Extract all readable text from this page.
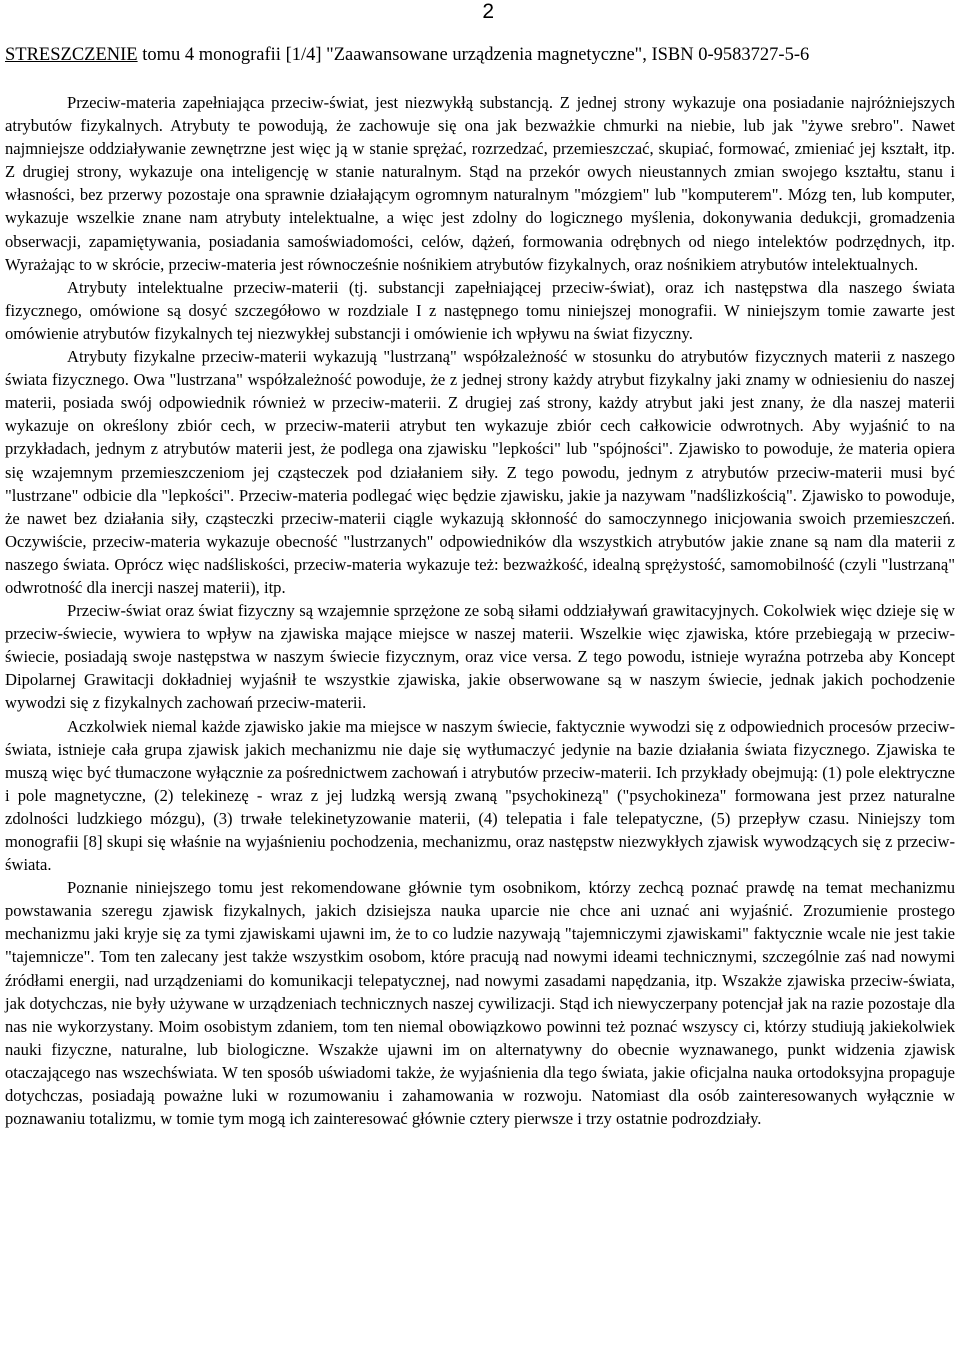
2
STRESZCZENIE tomu 4 monografii [1/4] "Zaawansowane urządzenia magnetyczne", ISBN 0-9583727-5-6

Przeciw-materia zapełniająca przeciw-świat, jest niezwykłą substancją. Z jednej strony wykazuje ona posiadanie najróżniejszych atrybutów fizykalnych. Atrybuty te powodują, że zachowuje się ona jak bezważkie chmurki na niebie, lub jak "żywe srebro". Nawet najmniejsze oddziaływanie zewnętrzne jest więc ją w stanie sprężać, rozrzedzać, przemieszczać, skupiać, formować, zmieniać jej kształt, itp. Z drugiej strony, wykazuje ona inteligencję w stanie naturalnym. Stąd na przekór owych nieustannych zmian swojego kształtu, stanu i własności, bez przerwy pozostaje ona sprawnie działającym ogromnym naturalnym "mózgiem" lub "komputerem". Mózg ten, lub komputer, wykazuje wszelkie znane nam atrybuty intelektualne, a więc jest zdolny do logicznego myślenia, dokonywania dedukcji, gromadzenia obserwacji, zapamiętywania, posiadania samoświadomości, celów, dążeń, formowania odrębnych od niego intelektów podrzędnych, itp. Wyrażając to w skrócie, przeciw-materia jest równocześnie nośnikiem atrybutów fizykalnych, oraz nośnikiem atrybutów intelektualnych.

Atrybuty intelektualne przeciw-materii (tj. substancji zapełniającej przeciw-świat), oraz ich następstwa dla naszego świata fizycznego, omówione są dosyć szczegółowo w rozdziale I z następnego tomu niniejszej monografii. W niniejszym tomie zawarte jest omówienie atrybutów fizykalnych tej niezwykłej substancji i omówienie ich wpływu na świat fizyczny.

Atrybuty fizykalne przeciw-materii wykazują "lustrzaną" współzależność w stosunku do atrybutów fizycznych materii z naszego świata fizycznego. Owa "lustrzana" współzależność powoduje, że z jednej strony każdy atrybut fizykalny jaki znamy w odniesieniu do naszej materii, posiada swój odpowiednik również w przeciw-materii. Z drugiej zaś strony, każdy atrybut jaki jest znany, że dla naszej materii wykazuje on określony zbiór cech, w przeciw-materii atrybut ten wykazuje zbiór cech całkowicie odwrotnych. Aby wyjaśnić to na przykładach, jednym z atrybutów materii jest, że podlega ona zjawisku "lepkości" lub "spójności". Zjawisko to powoduje, że materia opiera się wzajemnym przemieszczeniom jej cząsteczek pod działaniem siły. Z tego powodu, jednym z atrybutów przeciw-materii musi być "lustrzane" odbicie dla "lepkości". Przeciw-materia podlegać więc będzie zjawisku, jakie ja nazywam "nadślizkością". Zjawisko to powoduje, że nawet bez działania siły, cząsteczki przeciw-materii ciągle wykazują skłonność do samoczynnego inicjowania swoich przemieszczeń. Oczywiście, przeciw-materia wykazuje obecność "lustrzanych" odpowiedników dla wszystkich atrybutów jakie znane są nam dla materii z naszego świata. Oprócz więc nadśliskości, przeciw-materia wykazuje też: bezważkość, idealną sprężystość, samomobilność (czyli "lustrzaną" odwrotność dla inercji naszej materii), itp.

Przeciw-świat oraz świat fizyczny są wzajemnie sprzężone ze sobą siłami oddziaływań grawitacyjnych. Cokolwiek więc dzieje się w przeciw-świecie, wywiera to wpływ na zjawiska mające miejsce w naszej materii. Wszelkie więc zjawiska, które przebiegają w przeciw-świecie, posiadają swoje następstwa w naszym świecie fizycznym, oraz vice versa. Z tego powodu, istnieje wyraźna potrzeba aby Koncept Dipolarnej Grawitacji dokładniej wyjaśnił te wszystkie zjawiska, jakie obserwowane są w naszym świecie, jednak jakich pochodzenie wywodzi się z fizykalnych zachowań przeciw-materii.

Aczkolwiek niemal każde zjawisko jakie ma miejsce w naszym świecie, faktycznie wywodzi się z odpowiednich procesów przeciw-świata, istnieje cała grupa zjawisk jakich mechanizmu nie daje się wytłumaczyć jedynie na bazie działania świata fizycznego. Zjawiska te muszą więc być tłumaczone wyłącznie za pośrednictwem zachowań i atrybutów przeciw-materii. Ich przykłady obejmują: (1) pole elektryczne i pole magnetyczne, (2) telekinezę - wraz z jej ludzką wersją zwaną "psychokinezą" ("psychokineza" formowana jest przez naturalne zdolności ludzkiego mózgu), (3) trwałe telekinetyzowanie materii, (4) telepatia i fale telepatyczne, (5) przepływ czasu. Niniejszy tom monografii [8] skupi się właśnie na wyjaśnieniu pochodzenia, mechanizmu, oraz następstw niezwykłych zjawisk wywodzących się z przeciw-świata.

Poznanie niniejszego tomu jest rekomendowane głównie tym osobnikom, którzy zechcą poznać prawdę na temat mechanizmu powstawania szeregu zjawisk fizykalnych, jakich dzisiejsza nauka uparcie nie chce ani uznać ani wyjaśnić. Zrozumienie prostego mechanizmu jaki kryje się za tymi zjawiskami ujawni im, że to co ludzie nazywają "tajemniczymi zjawiskami" faktycznie wcale nie jest takie "tajemnicze". Tom ten zalecany jest także wszystkim osobom, które pracują nad nowymi ideami technicznymi, szczególnie zaś nad nowymi źródłami energii, nad urządzeniami do komunikacji telepatycznej, nad nowymi zasadami napędzania, itp. Wszakże zjawiska przeciw-świata, jak dotychczas, nie były używane w urządzeniach technicznych naszej cywilizacji. Stąd ich niewyczerpany potencjał jak na razie pozostaje dla nas nie wykorzystany. Moim osobistym zdaniem, tom ten niemal obowiązkowo powinni też poznać wszyscy ci, którzy studiują jakiekolwiek nauki fizyczne, naturalne, lub biologiczne. Wszakże ujawni im on alternatywny do obecnie wyznawanego, punkt widzenia zjawisk otaczającego nas wszechświata. W ten sposób uświadomi także, że wyjaśnienia dla tego świata, jakie oficjalna nauka ortodoksyjna propaguje dotychczas, posiadają poważne luki w rozumowaniu i zahamowania w rozwoju. Natomiast dla osób zainteresowanych wyłącznie w poznawaniu totalizmu, w tomie tym mogą ich zainteresować głównie cztery pierwsze i trzy ostatnie podrozdziały.
